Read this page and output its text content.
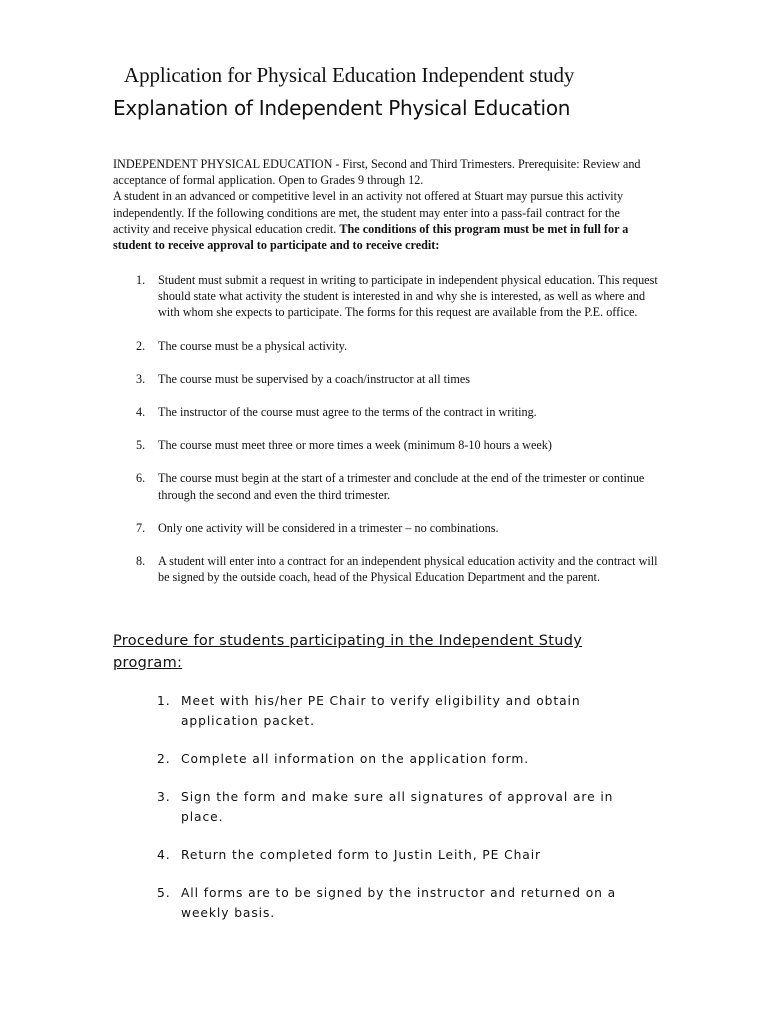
Application for Physical Education Independent study
Explanation of Independent Physical Education

INDEPENDENT PHYSICAL EDUCATION - First, Second and Third Trimesters. Prerequisite: Review and acceptance of formal application. Open to Grades 9 through 12.

A student in an advanced or competitive level in an activity not offered at Stuart may pursue this activity independently. If the following conditions are met, the student may enter into a pass-fail contract for the activity and receive physical education credit. The conditions of this program must be met in full for a student to receive approval to participate and to receive credit:

1. Student must submit a request in writing to participate in independent physical education. This request should state what activity the student is interested in and why she is interested, as well as where and with whom she expects to participate. The forms for this request are available from the P.E. office.
2. The course must be a physical activity.
3. The course must be supervised by a coach/instructor at all times
4. The instructor of the course must agree to the terms of the contract in writing.
5. The course must meet three or more times a week (minimum 8-10 hours a week)
6. The course must begin at the start of a trimester and conclude at the end of the trimester or continue through the second and even the third trimester.
7. Only one activity will be considered in a trimester – no combinations.
8. A student will enter into a contract for an independent physical education activity and the contract will be signed by the outside coach, head of the Physical Education Department and the parent.
Procedure for students participating in the Independent Study program:
1. Meet with his/her PE Chair to verify eligibility and obtain application packet.
2. Complete all information on the application form.
3. Sign the form and make sure all signatures of approval are in place.
4. Return the completed form to Justin Leith, PE Chair
5. All forms are to be signed by the instructor and returned on a weekly basis.
